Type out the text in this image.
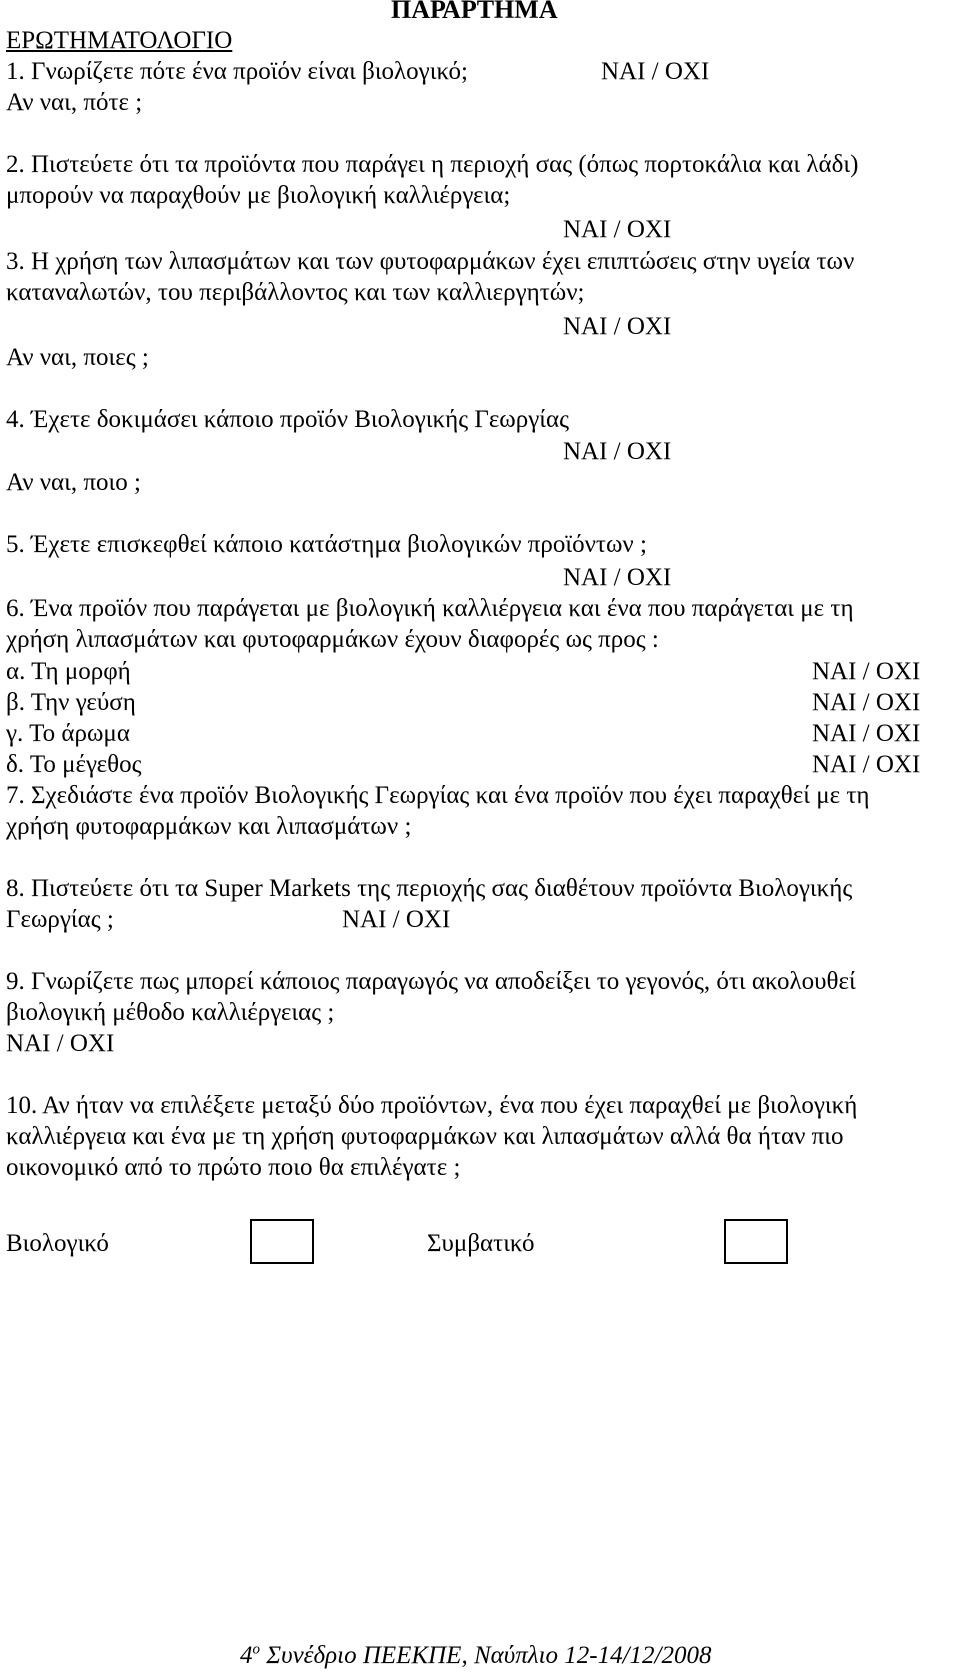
ΠΑΡΑΡΤΗΜΑ
ΕΡΩΤΗΜΑΤΟΛΟΓΙΟ
1. Γνωρίζετε πότε ένα προϊόν είναι βιολογικό;	ΝΑΙ / ΟΧΙ
Αν ναι, πότε ;
2. Πιστεύετε ότι τα προϊόντα που παράγει η περιοχή σας (όπως πορτοκάλια και λάδι)
μπορούν να παραχθούν με βιολογική καλλιέργεια;
ΝΑΙ / ΟΧΙ
3. Η χρήση των λιπασμάτων και των φυτοφαρμάκων έχει επιπτώσεις στην υγεία των
καταναλωτών, του περιβάλλοντος και των καλλιεργητών;
ΝΑΙ / ΟΧΙ
Αν ναι, ποιες ;
4. Έχετε δοκιμάσει κάποιο προϊόν Βιολογικής Γεωργίας
ΝΑΙ / ΟΧΙ
Αν ναι, ποιο ;
5. Έχετε επισκεφθεί κάποιο κατάστημα βιολογικών προϊόντων ;
ΝΑΙ / ΟΧΙ
6. Ένα προϊόν που παράγεται με βιολογική καλλιέργεια και ένα που παράγεται με τη
χρήση λιπασμάτων και φυτοφαρμάκων έχουν διαφορές ως προς :
α. Τη μορφή	ΝΑΙ / ΟΧΙ
β. Την γεύση	ΝΑΙ / ΟΧΙ
γ. Το άρωμα	ΝΑΙ / ΟΧΙ
δ. Το μέγεθος	ΝΑΙ / ΟΧΙ
7. Σχεδιάστε ένα προϊόν Βιολογικής Γεωργίας και ένα προϊόν που έχει παραχθεί με τη
χρήση φυτοφαρμάκων και λιπασμάτων ;
8. Πιστεύετε ότι τα Super Markets της περιοχής σας διαθέτουν προϊόντα Βιολογικής
Γεωργίας ;	ΝΑΙ / ΟΧΙ
9. Γνωρίζετε πως μπορεί κάποιος παραγωγός να αποδείξει το γεγονός, ότι ακολουθεί
βιολογική μέθοδο καλλιέργειας ;
ΝΑΙ / ΟΧΙ
10. Αν ήταν να επιλέξετε μεταξύ δύο προϊόντων, ένα που έχει παραχθεί με βιολογική
καλλιέργεια και ένα με τη χρήση φυτοφαρμάκων και λιπασμάτων αλλά θα ήταν πιο
οικονομικό από το πρώτο ποιο θα επιλέγατε ;
Βιολογικό	Συμβατικό
$4^o$ Συνέδριο ΠΕΕΚΠΕ, Ναύπλιο 12-14/12/2008
